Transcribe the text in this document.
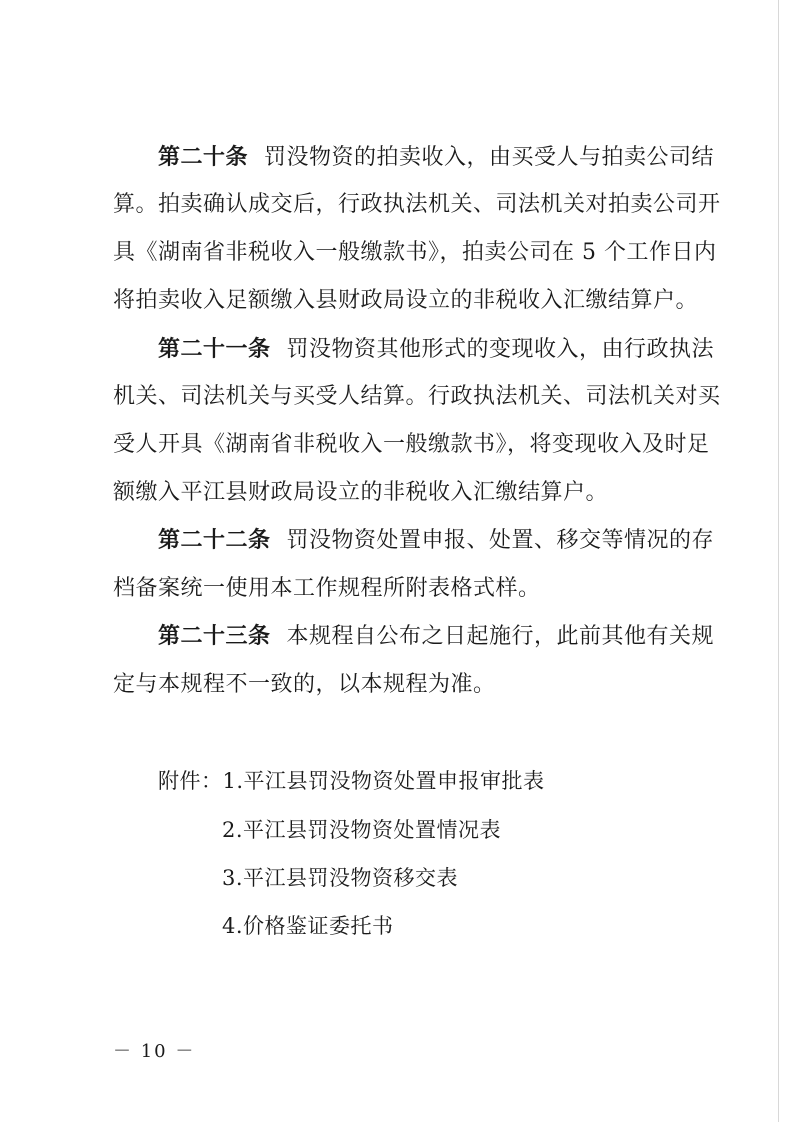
第二十条 罚没物资的拍卖收入，由买受人与拍卖公司结
算。拍卖确认成交后，行政执法机关、司法机关对拍卖公司开
具《湖南省非税收入一般缴款书》，拍卖公司在 5 个工作日内
将拍卖收入足额缴入县财政局设立的非税收入汇缴结算户。
第二十一条 罚没物资其他形式的变现收入，由行政执法
机关、司法机关与买受人结算。行政执法机关、司法机关对买
受人开具《湖南省非税收入一般缴款书》，将变现收入及时足
额缴入平江县财政局设立的非税收入汇缴结算户。
第二十二条 罚没物资处置申报、处置、移交等情况的存
档备案统一使用本工作规程所附表格式样。
第二十三条 本规程自公布之日起施行，此前其他有关规
定与本规程不一致的，以本规程为准。
附件：1.平江县罚没物资处置申报审批表
2.平江县罚没物资处置情况表
3.平江县罚没物资移交表
4.价格鉴证委托书
－ 10 －
